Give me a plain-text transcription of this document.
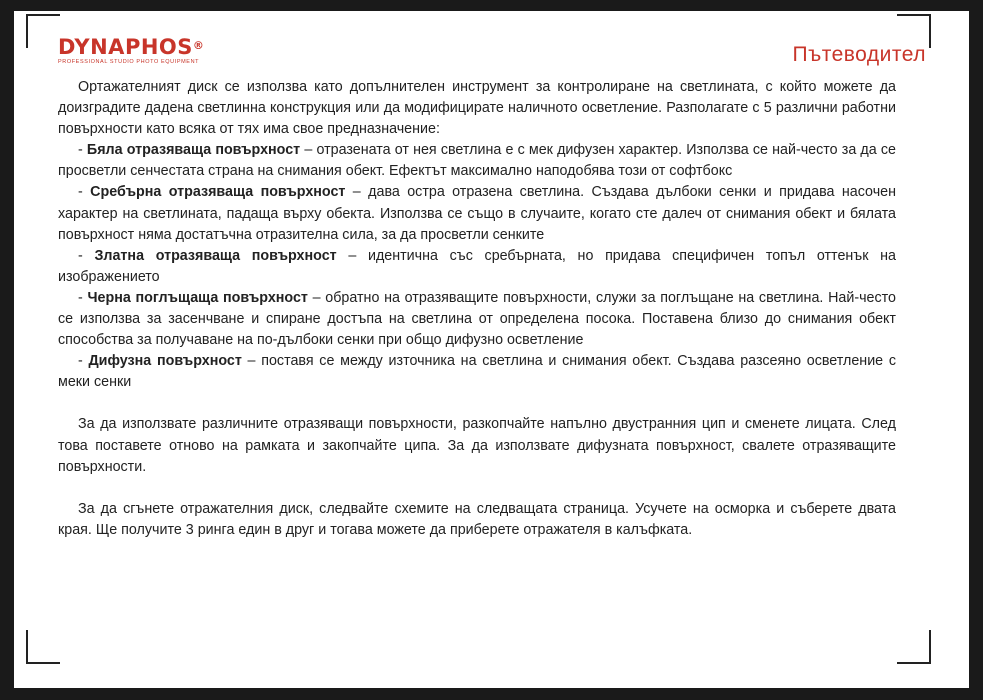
DYNAPHOS®
PROFESSIONAL STUDIO PHOTO EQUIPMENT	Пътеводител

Ортажателният диск се използва като допълнителен инструмент за контролиране на светлината, с който можете да доизградите дадена светлинна конструкция или да модифицирате наличното осветление. Разполагате с 5 различни работни повърхности като всяка от тях има свое предназначение:

- Бяла отразяваща повърхност – отразената от нея светлина е с мек дифузен характер. Използва се най-често за да се просветли сенчестата страна на снимания обект. Ефектът максимално наподобява този от софтбокс

- Сребърна отразяваща повърхност – дава остра отразена светлина. Създава дълбоки сенки и придава насочен характер на светлината, падаща върху обекта. Използва се също в случаите, когато сте далеч от снимания обект и бялата повърхност няма достатъчна отразителна сила, за да просветли сенките

- Златна отразяваща повърхност – идентична със сребърната, но придава специфичен топъл оттенък на изображението

- Черна поглъщаща повърхност – обратно на отразяващите повърхности, служи за поглъщане на светлина. Най-често се използва за засенчване и спиране достъпа на светлина от определена посока. Поставена близо до снимания обект способства за получаване на по-дълбоки сенки при общо дифузно осветление

- Дифузна повърхност – поставя се между източника на светлина и снимания обект. Създава разсеяно осветление с меки сенки

За да използвате различните отразяващи повърхности, разкопчайте напълно двустранния цип и сменете лицата. След това поставете отново на рамката и закопчайте ципа. За да използвате дифузната повърхност, свалете отразяващите повърхности.

За да сгънете отражателния диск, следвайте схемите на следващата страница. Усучете на осморка и съберете двата края. Ще получите 3 ринга един в друг и тогава можете да приберете отражателя в калъфката.
